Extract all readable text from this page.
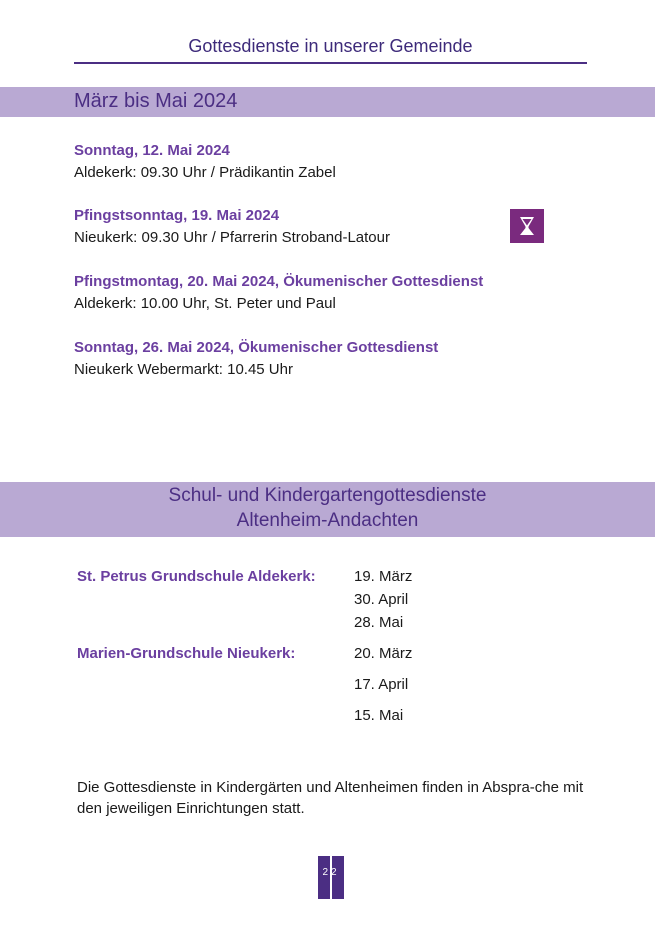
Gottesdienste in unserer Gemeinde
März bis Mai 2024
Sonntag, 12. Mai 2024
Aldekerk: 09.30 Uhr / Prädikantin Zabel
Pfingstsonntag, 19. Mai 2024
Nieukerk: 09.30 Uhr / Pfarrerin Stroband-Latour
Pfingstmontag, 20. Mai 2024, Ökumenischer Gottesdienst
Aldekerk: 10.00 Uhr, St. Peter und Paul
Sonntag, 26. Mai 2024, Ökumenischer Gottesdienst
Nieukerk Webermarkt: 10.45 Uhr
Schul- und Kindergartengottesdienste
Altenheim-Andachten
St. Petrus Grundschule Aldekerk:	19. März
30. April
28. Mai
Marien-Grundschule Nieukerk:	20. März
17. April
15. Mai
Die Gottesdienste in Kindergärten und Altenheimen finden in Abspra-che mit den jeweiligen Einrichtungen statt.
22
